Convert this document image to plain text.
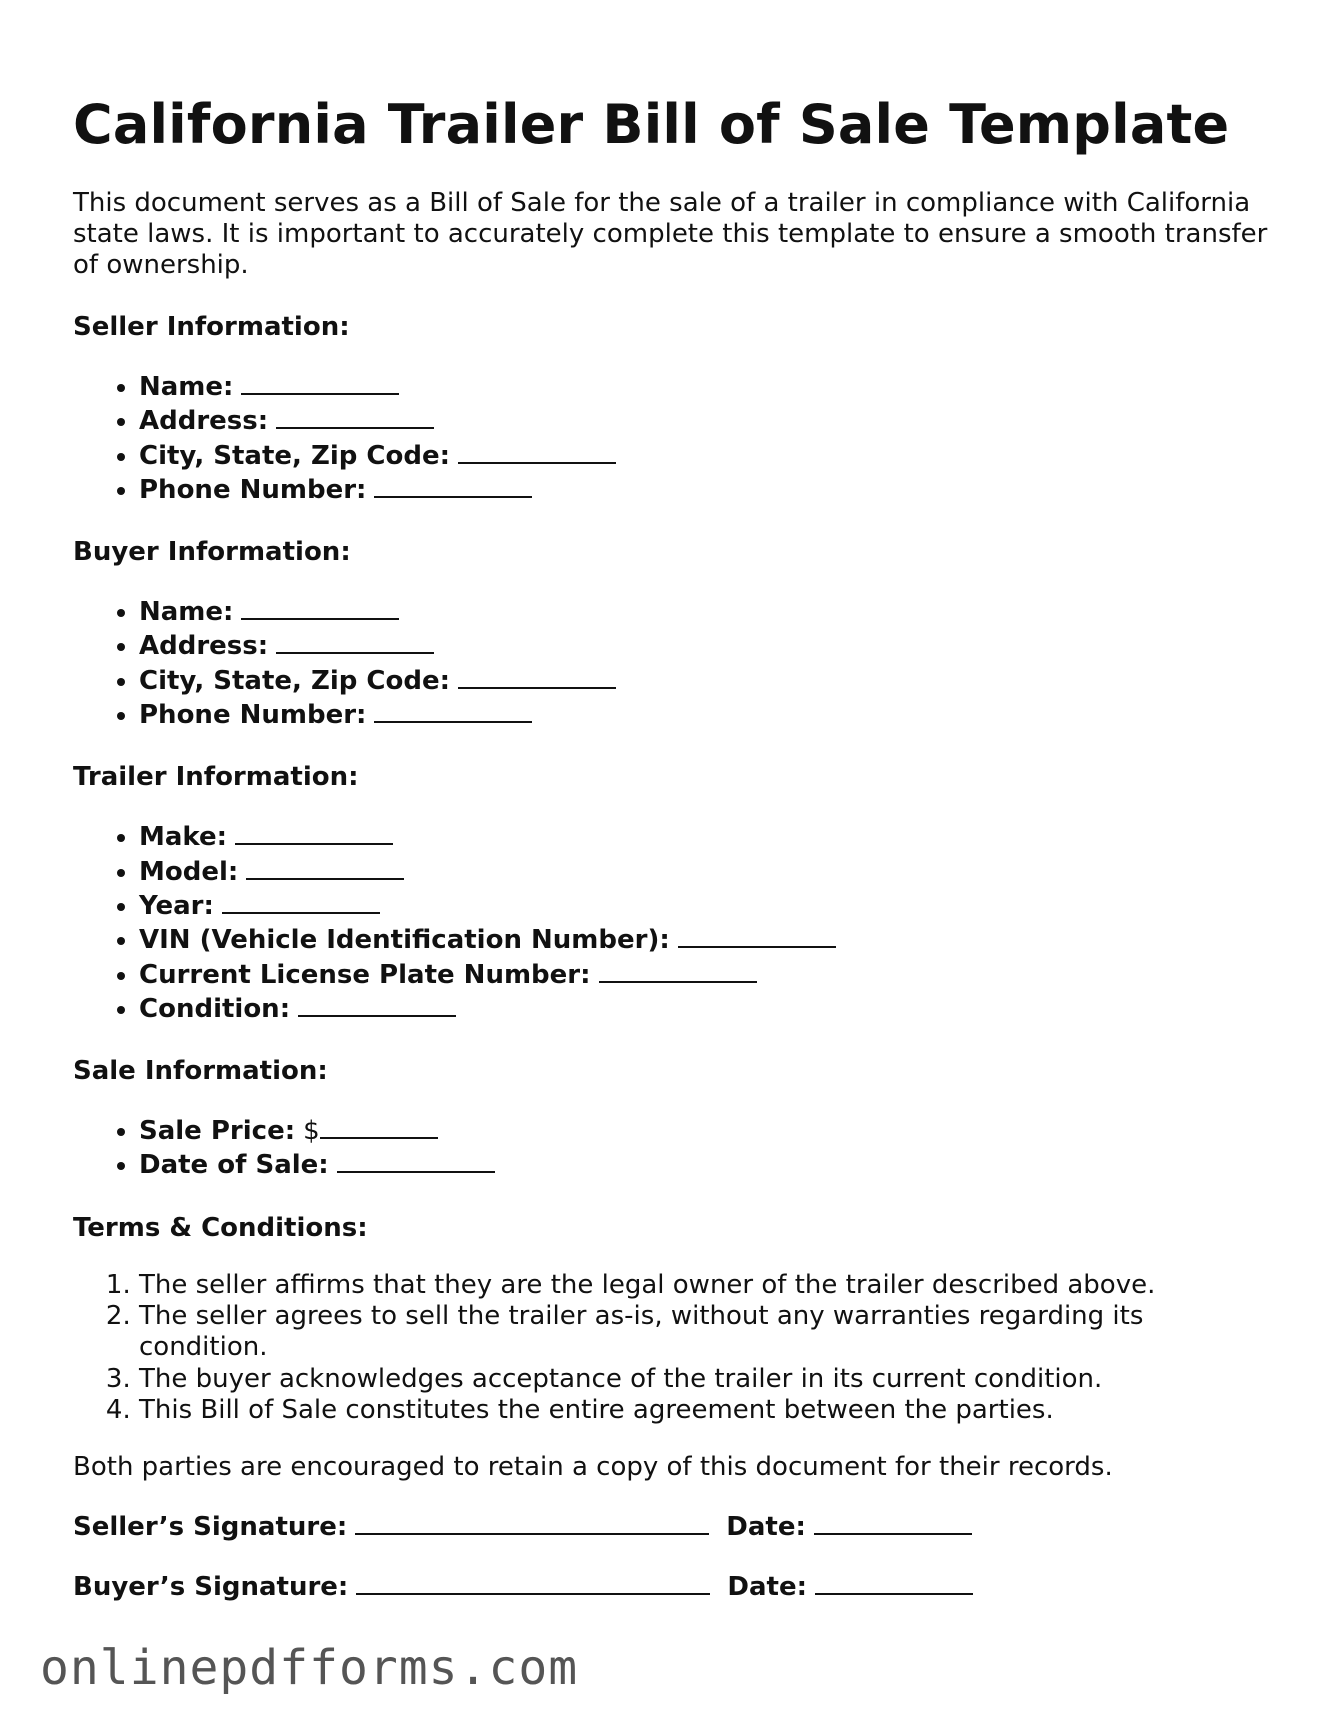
California Trailer Bill of Sale Template

This document serves as a Bill of Sale for the sale of a trailer in compliance with California state laws. It is important to accurately complete this template to ensure a smooth transfer of ownership.

Seller Information:
• Name:
• Address:
• City, State, Zip Code:
• Phone Number:
Buyer Information:
• Name:
• Address:
• City, State, Zip Code:
• Phone Number:
Trailer Information:
• Make:
• Model:
• Year:
• VIN (Vehicle Identification Number):
• Current License Plate Number:
• Condition:
Sale Information:
• Sale Price: $
• Date of Sale:
Terms & Conditions:
1. The seller affirms that they are the legal owner of the trailer described above.
2. The seller agrees to sell the trailer as-is, without any warranties regarding its condition.
3. The buyer acknowledges acceptance of the trailer in its current condition.
4. This Bill of Sale constitutes the entire agreement between the parties.

Both parties are encouraged to retain a copy of this document for their records.

Seller’s Signature:	Date:
Buyer’s Signature:	Date:
onlinepdfforms.com
